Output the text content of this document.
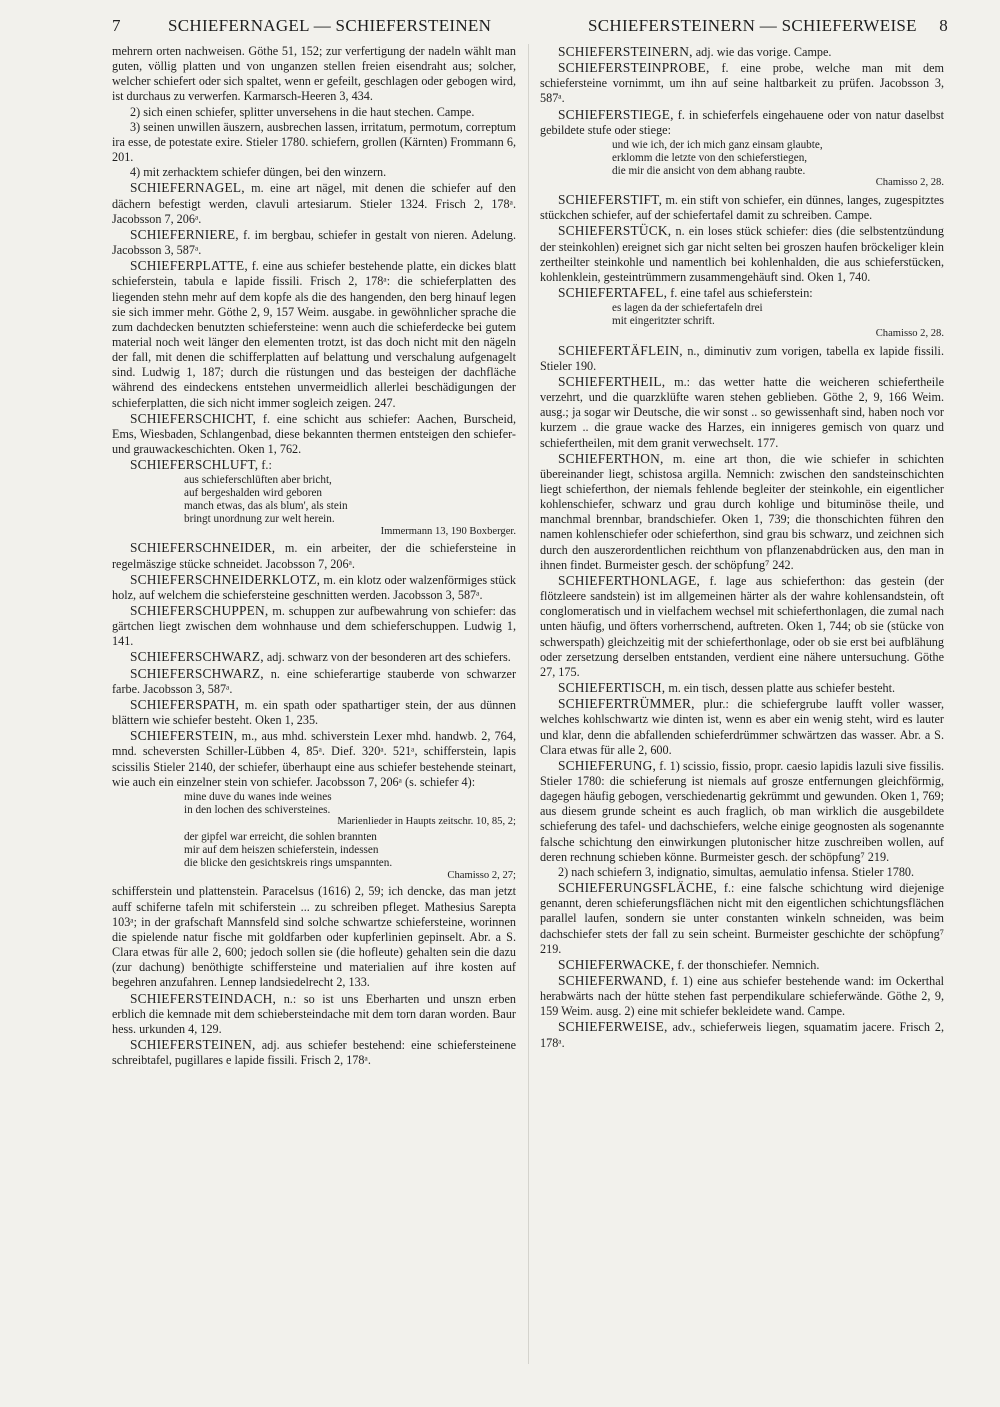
7	SCHIEFERNAGEL — SCHIEFERSTEINEN	SCHIEFERSTEINERN — SCHIEFERWEISE 8

mehrern orten nachweisen. Göthe 51, 152; zur verfertigung der nadeln wählt man guten, völlig platten und von unganzen stellen freien eisendraht aus; solcher, welcher schiefert oder sich spaltet, wenn er gefeilt, geschlagen oder gebogen wird, ist durchaus zu verwerfen. Karmarsch-Heeren 3, 434.

2) sich einen schiefer, splitter unversehens in die haut stechen. Campe.

3) seinen unwillen äuszern, ausbrechen lassen, irritatum, permotum, correptum ira esse, de potestate exire. Stieler 1780. schiefern, grollen (Kärnten) Frommann 6, 201.

4) mit zerhacktem schiefer düngen, bei den winzern.

SCHIEFERNAGEL, m. eine art nägel, mit denen die schiefer auf den dächern befestigt werden, clavuli artesiarum. Stieler 1324. Frisch 2, 178ᵃ. Jacobsson 7, 206ᵃ.

SCHIEFERNIERE, f. im bergbau, schiefer in gestalt von nieren. Adelung. Jacobsson 3, 587ᵃ.

SCHIEFERPLATTE, f. eine aus schiefer bestehende platte, ein dickes blatt schieferstein, tabula e lapide fissili. Frisch 2, 178ᵃ: die schieferplatten des liegenden stehn mehr auf dem kopfe als die des hangenden, den berg hinauf legen sie sich immer mehr. Göthe 2, 9, 157 Weim. ausgabe. in gewöhnlicher sprache die zum dachdecken benutzten schiefersteine: wenn auch die schieferdecke bei gutem material noch weit länger den elementen trotzt, ist das doch nicht mit den nägeln der fall, mit denen die schifferplatten auf belattung und verschalung aufgenagelt sind. Ludwig 1, 187; durch die rüstungen und das besteigen der dachfläche während des eindeckens entstehen unvermeidlich allerlei beschädigungen der schieferplatten, die sich nicht immer sogleich zeigen. 247.

SCHIEFERSCHICHT, f. eine schicht aus schiefer: Aachen, Burscheid, Ems, Wiesbaden, Schlangenbad, diese bekannten thermen entsteigen den schiefer- und grauwackeschichten. Oken 1, 762.

SCHIEFERSCHLUFT, f.:

aus schieferschlüften aber bricht,
auf bergeshalden wird geboren
manch etwas, das als blum', als stein
bringt unordnung zur welt herein.
Immermann 13, 190 Boxberger.

SCHIEFERSCHNEIDER, m. ein arbeiter, der die schiefersteine in regelmäszige stücke schneidet. Jacobsson 7, 206ᵃ.

SCHIEFERSCHNEIDERKLOTZ, m. ein klotz oder walzenförmiges stück holz, auf welchem die schiefersteine geschnitten werden. Jacobsson 3, 587ᵃ.

SCHIEFERSCHUPPEN, m. schuppen zur aufbewahrung von schiefer: das gärtchen liegt zwischen dem wohnhause und dem schieferschuppen. Ludwig 1, 141.

SCHIEFERSCHWARZ, adj. schwarz von der besonderen art des schiefers.

SCHIEFERSCHWARZ, n. eine schieferartige stauberde von schwarzer farbe. Jacobsson 3, 587ᵃ.

SCHIEFERSPATH, m. ein spath oder spathartiger stein, der aus dünnen blättern wie schiefer besteht. Oken 1, 235.

SCHIEFERSTEIN, m., aus mhd. schiverstein Lexer mhd. handwb. 2, 764, mnd. scheversten Schiller-Lübben 4, 85ᵃ. Dief. 320ᵃ. 521ᵃ, schifferstein, lapis scissilis Stieler 2140, der schiefer, überhaupt eine aus schiefer bestehende steinart, wie auch ein einzelner stein von schiefer. Jacobsson 7, 206ᵃ (s. schiefer 4):

mine duve du wanes inde weines
in den lochen des schiversteines.
Marienlieder in Haupts zeitschr. 10, 85, 2;
der gipfel war erreicht, die sohlen brannten
mir auf dem heiszen schieferstein, indessen
die blicke den gesichtskreis rings umspannten.
Chamisso 2, 27;

schifferstein und plattenstein. Paracelsus (1616) 2, 59; ich dencke, das man jetzt auff schiferne tafeln mit schiferstein ... zu schreiben pfleget. Mathesius Sarepta 103ᵃ; in der grafschaft Mannsfeld sind solche schwartze schiefersteine, worinnen die spielende natur fische mit goldfarben oder kupferlinien gepinselt. Abr. a S. Clara etwas für alle 2, 600; jedoch sollen sie (die hofleute) gehalten sein die dazu (zur dachung) benöthigte schiffersteine und materialien auf ihre kosten auf begehren anzufahren. Lennep landsiedelrecht 2, 133.

SCHIEFERSTEINDACH, n.: so ist uns Eberharten und unszn erben erblich die kemnade mit dem schiebersteindache mit dem torn daran worden. Baur hess. urkunden 4, 129.

SCHIEFERSTEINEN, adj. aus schiefer bestehend: eine schiefersteinene schreibtafel, pugillares e lapide fissili. Frisch 2, 178ᵃ.

SCHIEFERSTEINERN, adj. wie das vorige. Campe.

SCHIEFERSTEINPROBE, f. eine probe, welche man mit dem schiefersteine vornimmt, um ihn auf seine haltbarkeit zu prüfen. Jacobsson 3, 587ᵃ.

SCHIEFERSTIEGE, f. in schieferfels eingehauene oder von natur daselbst gebildete stufe oder stiege:

und wie ich, der ich mich ganz einsam glaubte,
erklomm die letzte von den schieferstiegen,
die mir die ansicht von dem abhang raubte.
Chamisso 2, 28.

SCHIEFERSTIFT, m. ein stift von schiefer, ein dünnes, langes, zugespitztes stückchen schiefer, auf der schiefertafel damit zu schreiben. Campe.

SCHIEFERSTÜCK, n. ein loses stück schiefer: dies (die selbstentzündung der steinkohlen) ereignet sich gar nicht selten bei groszen haufen bröckeliger klein zertheilter steinkohle und namentlich bei kohlenhalden, die aus schieferstücken, kohlenklein, gesteintrümmern zusammengehäuft sind. Oken 1, 740.

SCHIEFERTAFEL, f. eine tafel aus schieferstein:

es lagen da der schiefertafeln drei
mit eingeritzter schrift.
Chamisso 2, 28.

SCHIEFERTÄFLEIN, n., diminutiv zum vorigen, tabella ex lapide fissili. Stieler 190.

SCHIEFERTHEIL, m.: das wetter hatte die weicheren schiefertheile verzehrt, und die quarzklüfte waren stehen geblieben. Göthe 2, 9, 166 Weim. ausg.; ja sogar wir Deutsche, die wir sonst .. so gewissenhaft sind, haben noch vor kurzem .. die graue wacke des Harzes, ein innigeres gemisch von quarz und schiefertheilen, mit dem granit verwechselt. 177.

SCHIEFERTHON, m. eine art thon, die wie schiefer in schichten übereinander liegt, schistosa argilla. Nemnich: zwischen den sandsteinschichten liegt schieferthon, der niemals fehlende begleiter der steinkohle, ein eigentlicher kohlenschiefer, schwarz und grau durch kohlige und bituminöse theile, und manchmal brennbar, brandschiefer. Oken 1, 739; die thonschichten führen den namen kohlenschiefer oder schieferthon, sind grau bis schwarz, und zeichnen sich durch den auszerordentlichen reichthum von pflanzenabdrücken aus, den man in ihnen findet. Burmeister gesch. der schöpfung⁷ 242.

SCHIEFERTHONLAGE, f. lage aus schieferthon: das gestein (der flötzleere sandstein) ist im allgemeinen härter als der wahre kohlensandstein, oft conglomeratisch und in vielfachem wechsel mit schieferthonlagen, die zumal nach unten häufig, und öfters vorherrschend, auftreten. Oken 1, 744; ob sie (stücke von schwerspath) gleichzeitig mit der schieferthonlage, oder ob sie erst bei aufblähung oder zersetzung derselben entstanden, verdient eine nähere untersuchung. Göthe 27, 175.

SCHIEFERTISCH, m. ein tisch, dessen platte aus schiefer besteht.

SCHIEFERTRÜMMER, plur.: die schiefergrube laufft voller wasser, welches kohlschwartz wie dinten ist, wenn es aber ein wenig steht, wird es lauter und klar, denn die abfallenden schieferdrümmer schwärtzen das wasser. Abr. a S. Clara etwas für alle 2, 600.

SCHIEFERUNG, f. 1) scissio, fissio, propr. caesio lapidis lazuli sive fissilis. Stieler 1780: die schieferung ist niemals auf grosze entfernungen gleichförmig, dagegen häufig gebogen, verschiedenartig gekrümmt und gewunden. Oken 1, 769; aus diesem grunde scheint es auch fraglich, ob man wirklich die ausgebildete schieferung des tafel- und dachschiefers, welche einige geognosten als sogenannte falsche schichtung den einwirkungen plutonischer hitze zuschreiben wollen, auf deren rechnung schieben könne. Burmeister gesch. der schöpfung⁷ 219.

2) nach schiefern 3, indignatio, simultas, aemulatio infensa. Stieler 1780.

SCHIEFERUNGSFLÄCHE, f.: eine falsche schichtung wird diejenige genannt, deren schieferungsflächen nicht mit den eigentlichen schichtungsflächen parallel laufen, sondern sie unter constanten winkeln schneiden, was beim dachschiefer stets der fall zu sein scheint. Burmeister geschichte der schöpfung⁷ 219.

SCHIEFERWACKE, f. der thonschiefer. Nemnich.

SCHIEFERWAND, f. 1) eine aus schiefer bestehende wand: im Ockerthal herabwärts nach der hütte stehen fast perpendikulare schieferwände. Göthe 2, 9, 159 Weim. ausg. 2) eine mit schiefer bekleidete wand. Campe.

SCHIEFERWEISE, adv., schieferweis liegen, squamatim jacere. Frisch 2, 178ᵃ.
